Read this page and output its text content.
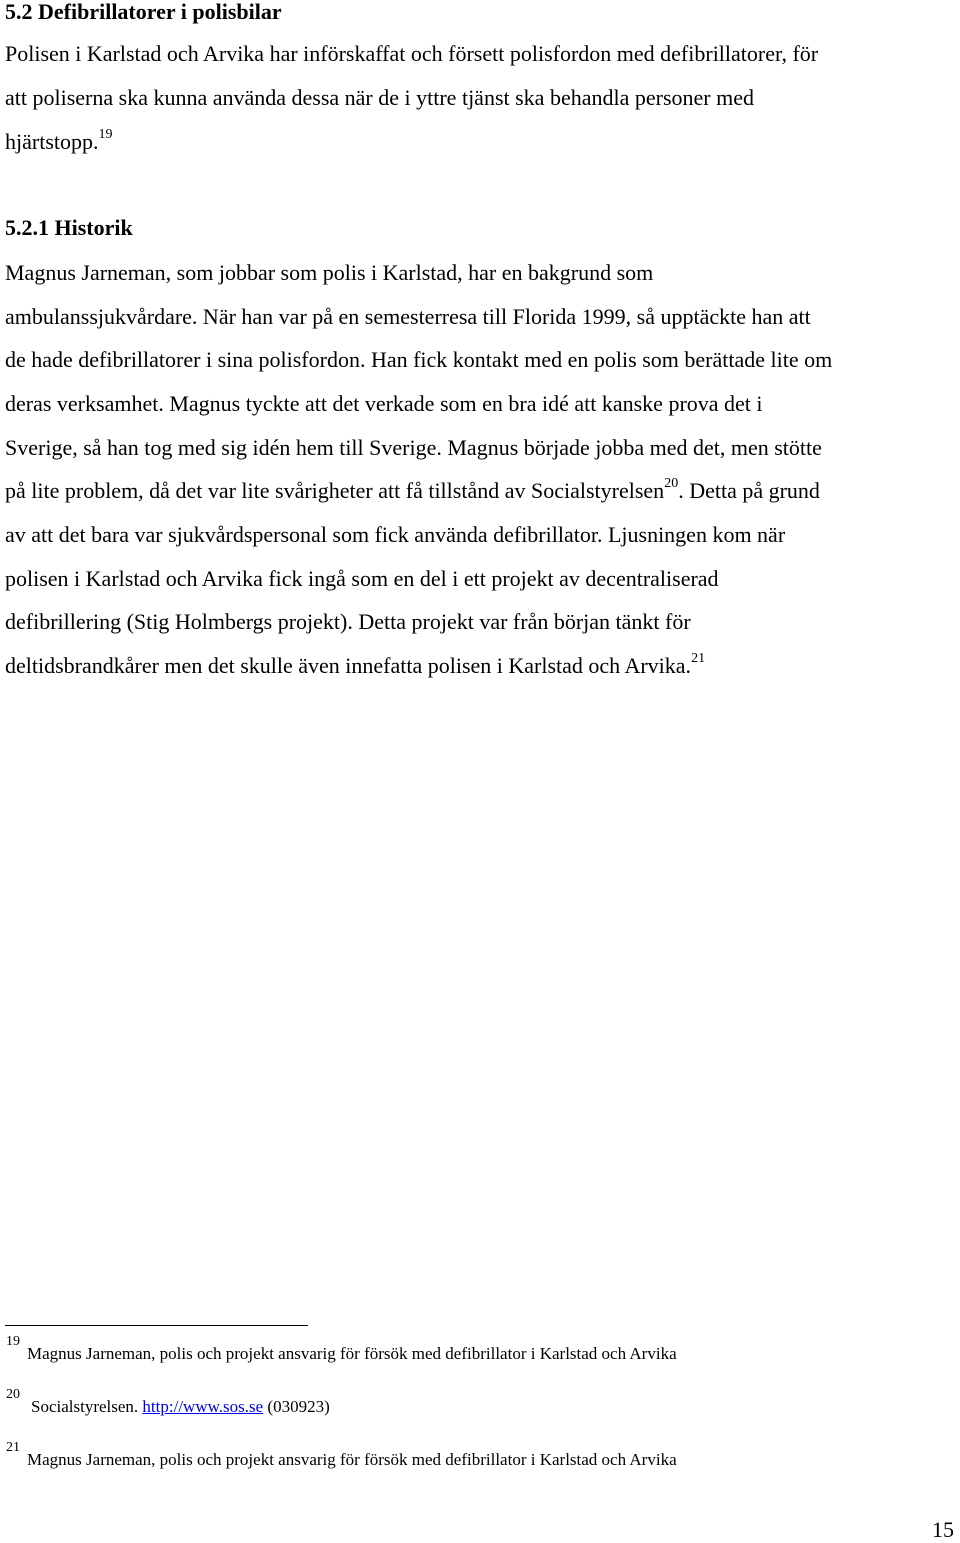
5.2 Defibrillatorer i polisbilar
Polisen i Karlstad och Arvika har införskaffat och försett polisfordon med defibrillatorer, för
att poliserna ska kunna använda dessa när de i yttre tjänst ska behandla personer med
hjärtstopp.$^{19}$
5.2.1 Historik
Magnus Jarneman, som jobbar som polis i Karlstad, har en bakgrund som
ambulanssjukvårdare. När han var på en semesterresa till Florida 1999, så upptäckte han att
de hade defibrillatorer i sina polisfordon. Han fick kontakt med en polis som berättade lite om
deras verksamhet. Magnus tyckte att det verkade som en bra idé att kanske prova det i
Sverige, så han tog med sig idén hem till Sverige. Magnus började jobba med det, men stötte
på lite problem, då det var lite svårigheter att få tillstånd av Socialstyrelsen$^{20}$. Detta på grund
av att det bara var sjukvårdspersonal som fick använda defibrillator. Ljusningen kom när
polisen i Karlstad och Arvika fick ingå som en del i ett projekt av decentraliserad
defibrillering (Stig Holmbergs projekt). Detta projekt var från början tänkt för
deltidsbrandkårer men det skulle även innefatta polisen i Karlstad och Arvika.$^{21}$
19
Magnus Jarneman, polis och projekt ansvarig för försök med defibrillator i Karlstad och Arvika
20
Socialstyrelsen. http://www.sos.se (030923)
21
Magnus Jarneman, polis och projekt ansvarig för försök med defibrillator i Karlstad och Arvika
15
